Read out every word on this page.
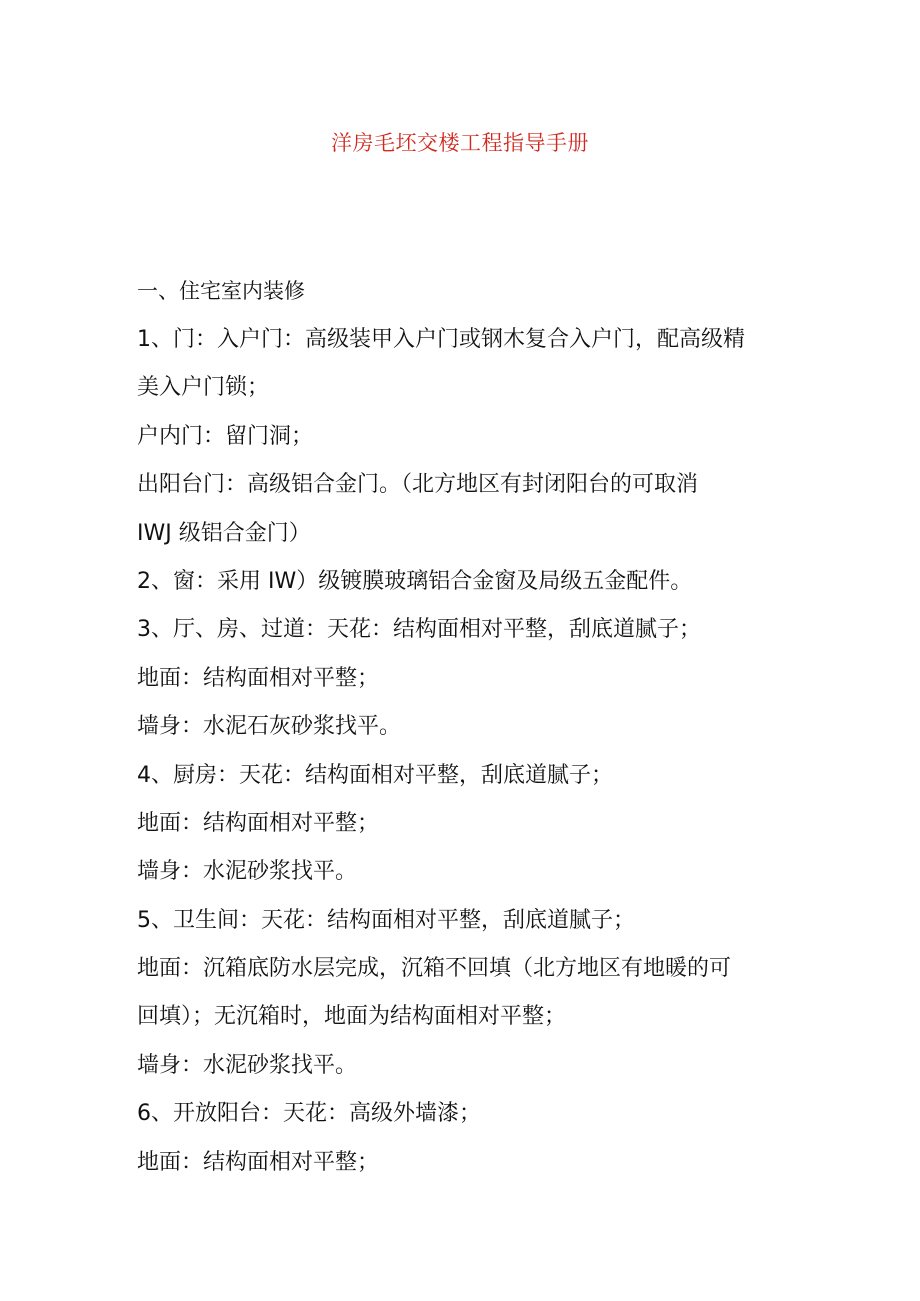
洋房毛坯交楼工程指导手册
一、住宅室内装修
1、门：入户门：高级装甲入户门或钢木复合入户门，配高级精
美入户门锁；
户内门：留门洞；
出阳台门：高级铝合金门。（北方地区有封闭阳台的可取消
IWJ 级铝合金门）
2、窗：采用 IW）级镀膜玻璃铝合金窗及局级五金配件。
3、厅、房、过道：天花：结构面相对平整，刮底道腻子；
地面：结构面相对平整；
墙身：水泥石灰砂浆找平。
4、厨房：天花：结构面相对平整，刮底道腻子；
地面：结构面相对平整；
墙身：水泥砂浆找平。
5、卫生间：天花：结构面相对平整，刮底道腻子；
地面：沉箱底防水层完成，沉箱不回填（北方地区有地暖的可
回填）；无沉箱时，地面为结构面相对平整；
墙身：水泥砂浆找平。
6、开放阳台：天花：高级外墙漆；
地面：结构面相对平整；
